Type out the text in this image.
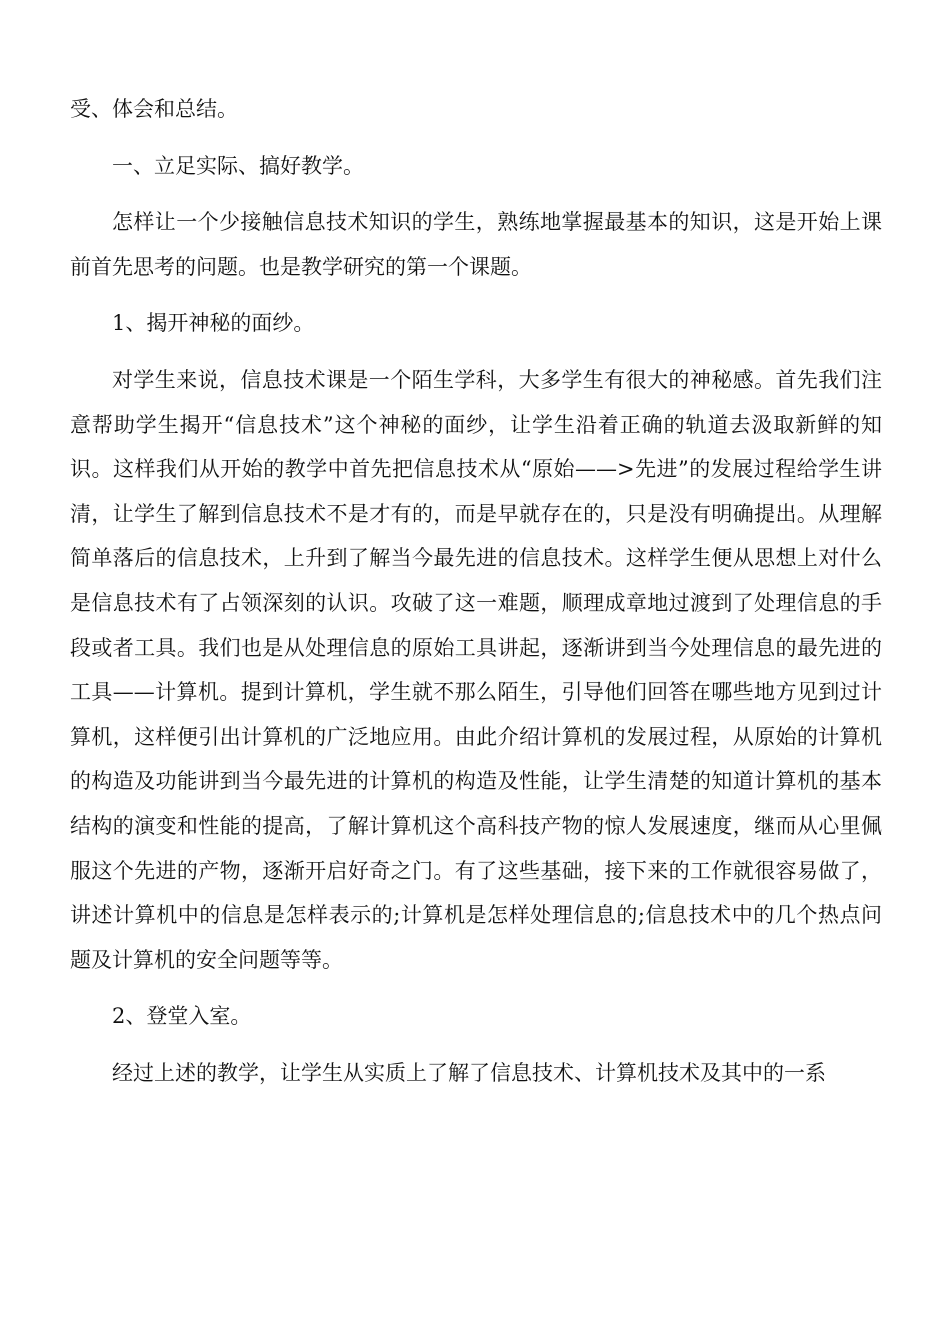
受、体会和总结。

一、立足实际、搞好教学。

怎样让一个少接触信息技术知识的学生，熟练地掌握最基本的知识，这是开始上课前首先思考的问题。也是教学研究的第一个课题。

1、揭开神秘的面纱。

对学生来说，信息技术课是一个陌生学科，大多学生有很大的神秘感。首先我们注意帮助学生揭开“信息技术”这个神秘的面纱，让学生沿着正确的轨道去汲取新鲜的知识。这样我们从开始的教学中首先把信息技术从“原始——>先进”的发展过程给学生讲清，让学生了解到信息技术不是才有的，而是早就存在的，只是没有明确提出。从理解简单落后的信息技术，上升到了解当今最先进的信息技术。这样学生便从思想上对什么是信息技术有了占领深刻的认识。攻破了这一难题，顺理成章地过渡到了处理信息的手段或者工具。我们也是从处理信息的原始工具讲起，逐渐讲到当今处理信息的最先进的工具——计算机。提到计算机，学生就不那么陌生，引导他们回答在哪些地方见到过计算机，这样便引出计算机的广泛地应用。由此介绍计算机的发展过程，从原始的计算机的构造及功能讲到当今最先进的计算机的构造及性能，让学生清楚的知道计算机的基本结构的演变和性能的提高，了解计算机这个高科技产物的惊人发展速度，继而从心里佩服这个先进的产物，逐渐开启好奇之门。有了这些基础，接下来的工作就很容易做了，讲述计算机中的信息是怎样表示的;计算机是怎样处理信息的;信息技术中的几个热点问题及计算机的安全问题等等。

2、登堂入室。

经过上述的教学，让学生从实质上了解了信息技术、计算机技术及其中的一系
